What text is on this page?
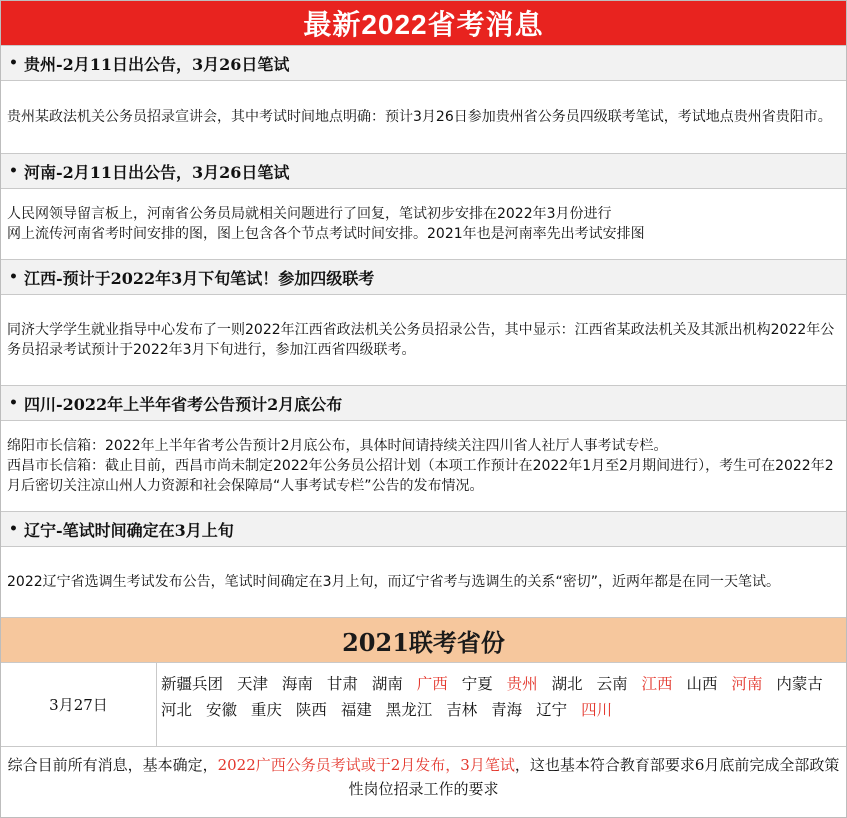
最新2022省考消息
• 贵州-2月11日出公告，3月26日笔试

贵州某政法机关公务员招录宣讲会，其中考试时间地点明确：预计3月26日参加贵州省公务员四级联考笔试，考试地点贵州省贵阳市。

• 河南-2月11日出公告，3月26日笔试

人民网领导留言板上，河南省公务员局就相关问题进行了回复，笔试初步安排在2022年3月份进行

网上流传河南省考时间安排的图，图上包含各个节点考试时间安排。2021年也是河南率先出考试安排图

• 江西-预计于2022年3月下旬笔试！参加四级联考

同济大学学生就业指导中心发布了一则2022年江西省政法机关公务员招录公告，其中显示：江西省某政法机关及其派出机构2022年公务员招录考试预计于2022年3月下旬进行，参加江西省四级联考。

• 四川-2022年上半年省考公告预计2月底公布

绵阳市长信箱：2022年上半年省考公告预计2月底公布，具体时间请持续关注四川省人社厅人事考试专栏。

西昌市长信箱：截止目前，西昌市尚未制定2022年公务员公招计划（本项工作预计在2022年1月至2月期间进行），考生可在2022年2月后密切关注凉山州人力资源和社会保障局“人事考试专栏”公告的发布情况。

• 辽宁-笔试时间确定在3月上旬

2022辽宁省选调生考试发布公告，笔试时间确定在3月上旬，而辽宁省考与选调生的关系“密切”，近两年都是在同一天笔试。

2021联考省份
3月27日
新疆兵团 天津 海南 甘肃 湖南 广西 宁夏 贵州 湖北 云南 江西 山西 河南 内蒙古 河北 安徽 重庆 陕西 福建 黑龙江 吉林 青海 辽宁 四川
综合目前所有消息，基本确定，2022广西公务员考试或于2月发布，3月笔试，这也基本符合教育部要求6月底前完成全部政策性岗位招录工作的要求
